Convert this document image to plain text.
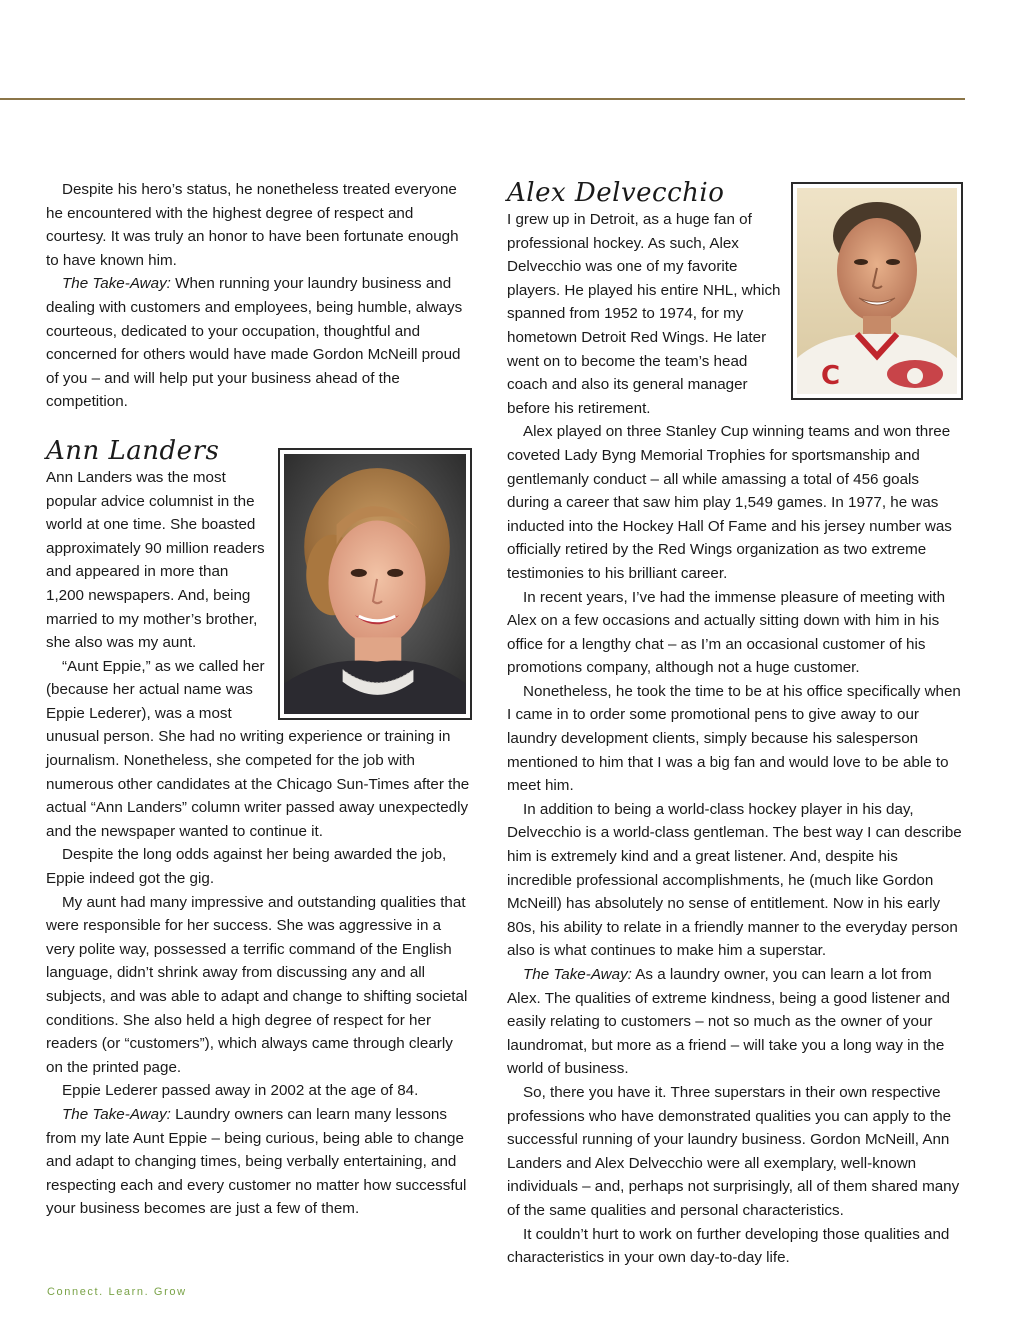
Despite his hero’s status, he nonetheless treated everyone he encountered with the highest degree of respect and courtesy. It was truly an honor to have been fortunate enough to have known him.

The Take-Away: When running your laundry business and dealing with customers and employees, being humble, always courteous, dedicated to your occupation, thoughtful and concerned for others would have made Gordon McNeill proud of you – and will help put your business ahead of the competition.

Ann Landers

Ann Landers was the most popular advice columnist in the world at one time. She boasted approximately 90 million readers and appeared in more than 1,200 newspapers. And, being married to my mother’s brother, she also was my aunt.

“Aunt Eppie,” as we called her (because her actual name was Eppie Lederer), was a most unusual person. She had no writing experience or training in journalism. Nonetheless, she competed for the job with numerous other candidates at the Chicago Sun-Times after the actual “Ann Landers” column writer passed away unexpectedly and the newspaper wanted to continue it.

Despite the long odds against her being awarded the job, Eppie indeed got the gig.

My aunt had many impressive and outstanding qualities that were responsible for her success. She was aggressive in a very polite way, possessed a terrific command of the English language, didn’t shrink away from discussing any and all subjects, and was able to adapt and change to shifting societal conditions. She also held a high degree of respect for her readers (or “customers”), which always came through clearly on the printed page.

Eppie Lederer passed away in 2002 at the age of 84.

The Take-Away: Laundry owners can learn many lessons from my late Aunt Eppie – being curious, being able to change and adapt to changing times, being verbally entertaining, and respecting each and every customer no matter how successful your business becomes are just a few of them.

C
Alex Delvecchio

I grew up in Detroit, as a huge fan of professional hockey. As such, Alex Delvecchio was one of my favorite players. He played his entire NHL, which spanned from 1952 to 1974, for my hometown Detroit Red Wings. He later went on to become the team’s head coach and also its general manager before his retirement.

Alex played on three Stanley Cup winning teams and won three coveted Lady Byng Memorial Trophies for sportsmanship and gentlemanly conduct – all while amassing a total of 456 goals during a career that saw him play 1,549 games. In 1977, he was inducted into the Hockey Hall Of Fame and his jersey number was officially retired by the Red Wings organization as two extreme testimonies to his brilliant career.

In recent years, I’ve had the immense pleasure of meeting with Alex on a few occasions and actually sitting down with him in his office for a lengthy chat – as I’m an occasional customer of his promotions company, although not a huge customer.

Nonetheless, he took the time to be at his office specifically when I came in to order some promotional pens to give away to our laundry development clients, simply because his salesperson mentioned to him that I was a big fan and would love to be able to meet him.

In addition to being a world-class hockey player in his day, Delvecchio is a world-class gentleman. The best way I can describe him is extremely kind and a great listener. And, despite his incredible professional accomplishments, he (much like Gordon McNeill) has absolutely no sense of entitlement. Now in his early 80s, his ability to relate in a friendly manner to the everyday person also is what continues to make him a superstar.

The Take-Away: As a laundry owner, you can learn a lot from Alex. The qualities of extreme kindness, being a good listener and easily relating to customers – not so much as the owner of your laundromat, but more as a friend – will take you a long way in the world of business.

So, there you have it. Three superstars in their own respective professions who have demonstrated qualities you can apply to the successful running of your laundry business. Gordon McNeill, Ann Landers and Alex Delvecchio were all exemplary, well-known individuals – and, perhaps not surprisingly, all of them shared many of the same qualities and personal characteristics.

It couldn’t hurt to work on further developing those qualities and characteristics in your own day-to-day life.

Connect. Learn. Grow
